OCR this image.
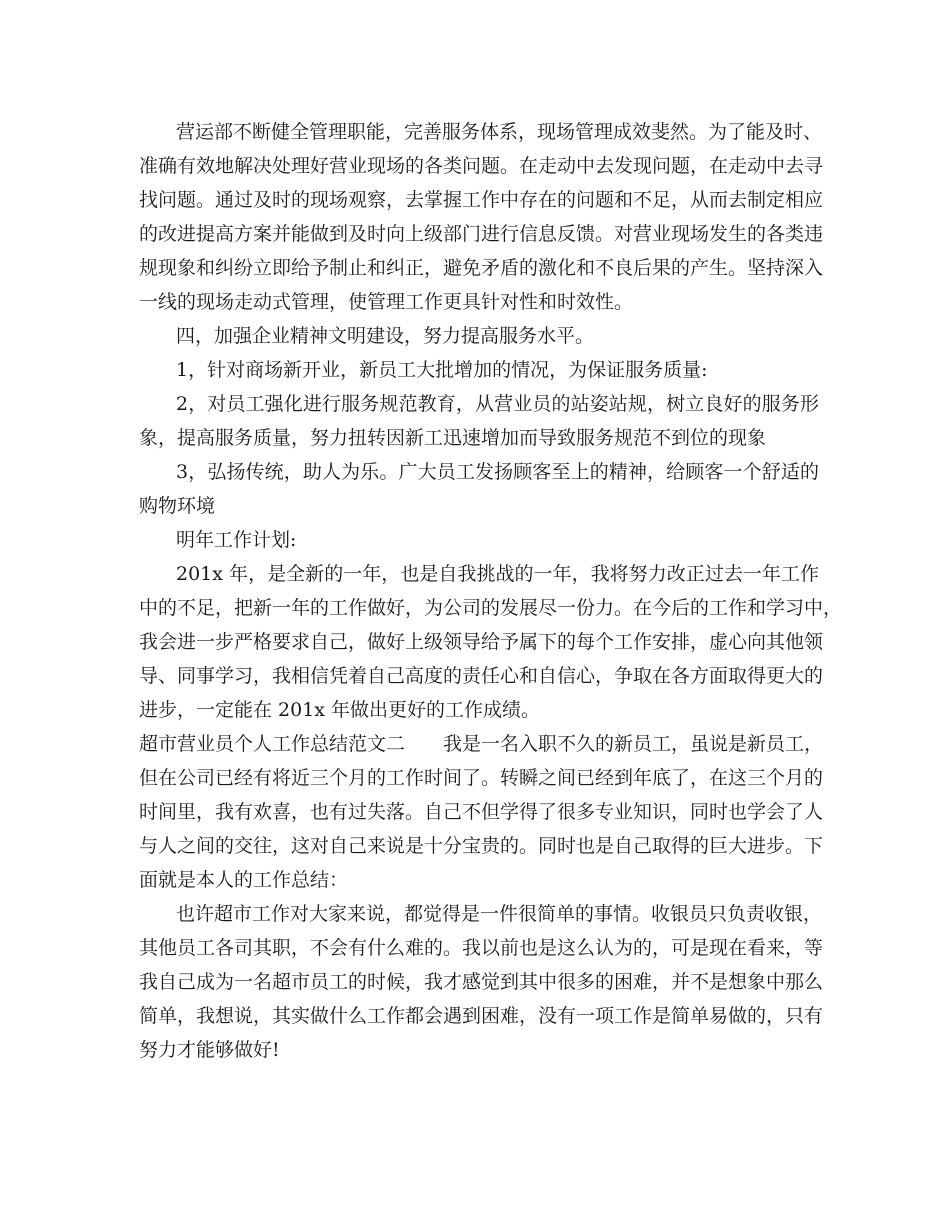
营运部不断健全管理职能，完善服务体系，现场管理成效斐然。为了能及时、

准确有效地解决处理好营业现场的各类问题。在走动中去发现问题，在走动中去寻

找问题。通过及时的现场观察，去掌握工作中存在的问题和不足，从而去制定相应

的改进提高方案并能做到及时向上级部门进行信息反馈。对营业现场发生的各类违

规现象和纠纷立即给予制止和纠正，避免矛盾的激化和不良后果的产生。坚持深入

一线的现场走动式管理，使管理工作更具针对性和时效性。

四，加强企业精神文明建设，努力提高服务水平。

1，针对商场新开业，新员工大批增加的情况，为保证服务质量:

2，对员工强化进行服务规范教育，从营业员的站姿站规，树立良好的服务形

象，提高服务质量，努力扭转因新工迅速增加而导致服务规范不到位的现象

3，弘扬传统，助人为乐。广大员工发扬顾客至上的精神，给顾客一个舒适的

购物环境

明年工作计划:

201x 年，是全新的一年，也是自我挑战的一年，我将努力改正过去一年工作

中的不足，把新一年的工作做好，为公司的发展尽一份力。在今后的工作和学习中，

我会进一步严格要求自己，做好上级领导给予属下的每个工作安排，虚心向其他领

导、同事学习，我相信凭着自己高度的责任心和自信心，争取在各方面取得更大的

进步，一定能在 201x 年做出更好的工作成绩。

超市营业员个人工作总结范文二　　我是一名入职不久的新员工，虽说是新员工，

但在公司已经有将近三个月的工作时间了。转瞬之间已经到年底了，在这三个月的

时间里，我有欢喜，也有过失落。自己不但学得了很多专业知识，同时也学会了人

与人之间的交往，这对自己来说是十分宝贵的。同时也是自己取得的巨大进步。下

面就是本人的工作总结：

也许超市工作对大家来说，都觉得是一件很简单的事情。收银员只负责收银，

其他员工各司其职，不会有什么难的。我以前也是这么认为的，可是现在看来，等

我自己成为一名超市员工的时候，我才感觉到其中很多的困难，并不是想象中那么

简单，我想说，其实做什么工作都会遇到困难，没有一项工作是简单易做的，只有

努力才能够做好!
